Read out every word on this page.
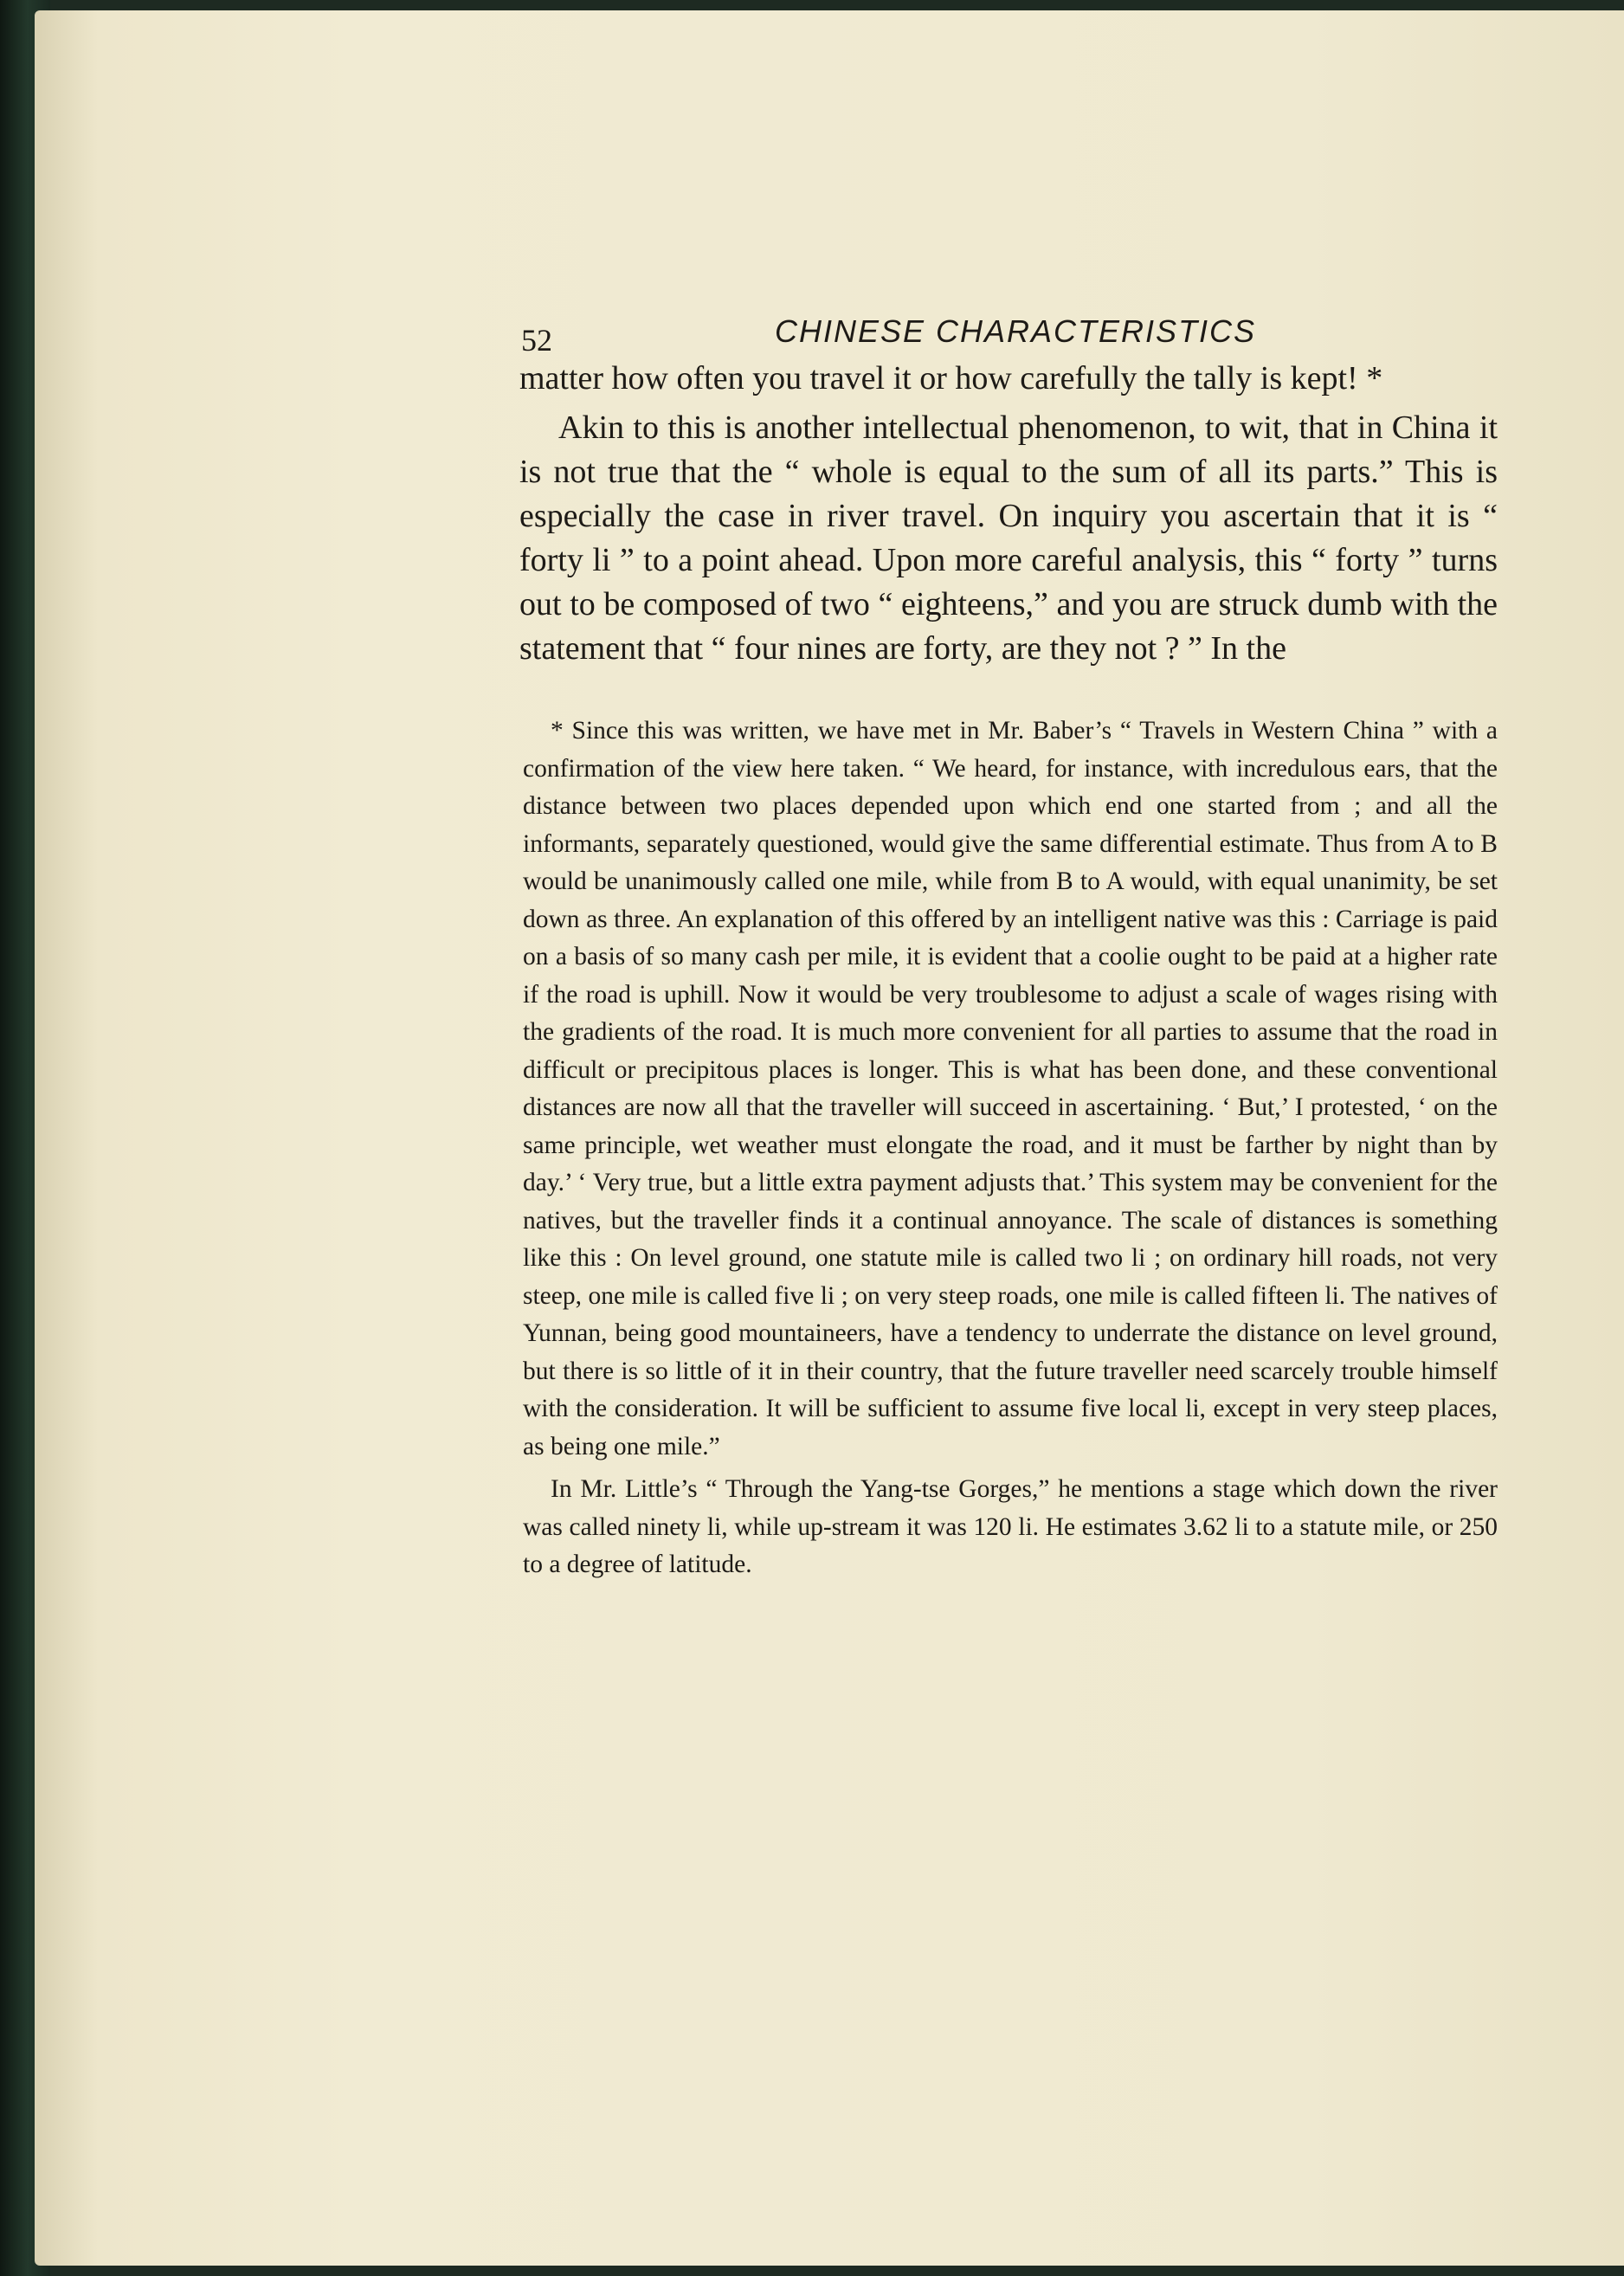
52	CHINESE CHARACTERISTICS

matter how often you travel it or how carefully the tally is kept! *

Akin to this is another intellectual phenomenon, to wit, that in China it is not true that the “ whole is equal to the sum of all its parts.” This is especially the case in river travel. On inquiry you ascertain that it is “ forty li ” to a point ahead. Upon more careful analysis, this “ forty ” turns out to be composed of two “ eighteens,” and you are struck dumb with the statement that “ four nines are forty, are they not ? ” In the

* Since this was written, we have met in Mr. Baber’s “ Travels in Western China ” with a confirmation of the view here taken. “ We heard, for instance, with incredulous ears, that the distance between two places depended upon which end one started from ; and all the informants, separately questioned, would give the same differential estimate. Thus from A to B would be unanimously called one mile, while from B to A would, with equal unanimity, be set down as three. An explanation of this offered by an intelligent native was this : Carriage is paid on a basis of so many cash per mile, it is evident that a coolie ought to be paid at a higher rate if the road is uphill. Now it would be very troublesome to adjust a scale of wages rising with the gradients of the road. It is much more convenient for all parties to assume that the road in difficult or precipitous places is longer. This is what has been done, and these conventional distances are now all that the traveller will succeed in ascertaining. ‘ But,’ I protested, ‘ on the same principle, wet weather must elongate the road, and it must be farther by night than by day.’ ‘ Very true, but a little extra payment adjusts that.’ This system may be convenient for the natives, but the traveller finds it a continual annoyance. The scale of distances is something like this : On level ground, one statute mile is called two li ; on ordinary hill roads, not very steep, one mile is called five li ; on very steep roads, one mile is called fifteen li. The natives of Yunnan, being good mountaineers, have a tendency to underrate the distance on level ground, but there is so little of it in their country, that the future traveller need scarcely trouble himself with the consideration. It will be sufficient to assume five local li, except in very steep places, as being one mile.”

In Mr. Little’s “ Through the Yang-tse Gorges,” he mentions a stage which down the river was called ninety li, while up-stream it was 120 li. He estimates 3.62 li to a statute mile, or 250 to a degree of latitude.
